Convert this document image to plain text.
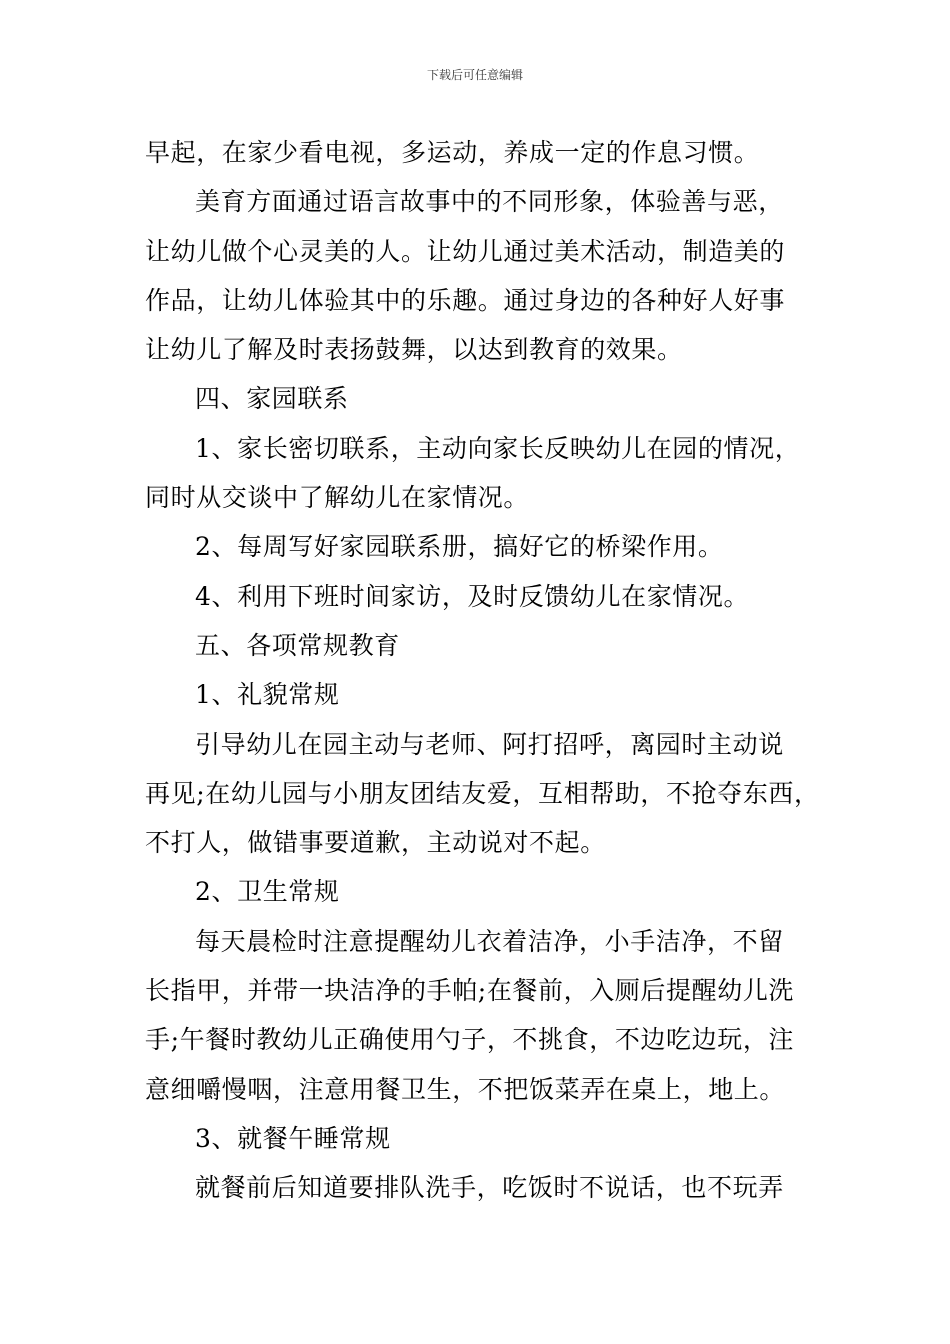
下载后可任意编辑
早起，在家少看电视，多运动，养成一定的作息习惯。
美育方面通过语言故事中的不同形象，体验善与恶，
让幼儿做个心灵美的人。让幼儿通过美术活动，制造美的
作品，让幼儿体验其中的乐趣。通过身边的各种好人好事
让幼儿了解及时表扬鼓舞，以达到教育的效果。
四、家园联系
1、家长密切联系，主动向家长反映幼儿在园的情况，
同时从交谈中了解幼儿在家情况。
2、每周写好家园联系册，搞好它的桥梁作用。
4、利用下班时间家访，及时反馈幼儿在家情况。
五、各项常规教育
1、礼貌常规
引导幼儿在园主动与老师、阿打招呼，离园时主动说
再见;在幼儿园与小朋友团结友爱，互相帮助，不抢夺东西，
不打人，做错事要道歉，主动说对不起。
2、卫生常规
每天晨检时注意提醒幼儿衣着洁净，小手洁净，不留
长指甲，并带一块洁净的手帕;在餐前，入厕后提醒幼儿洗
手;午餐时教幼儿正确使用勺子，不挑食，不边吃边玩，注
意细嚼慢咽，注意用餐卫生，不把饭菜弄在桌上，地上。
3、就餐午睡常规
就餐前后知道要排队洗手，吃饭时不说话，也不玩弄
